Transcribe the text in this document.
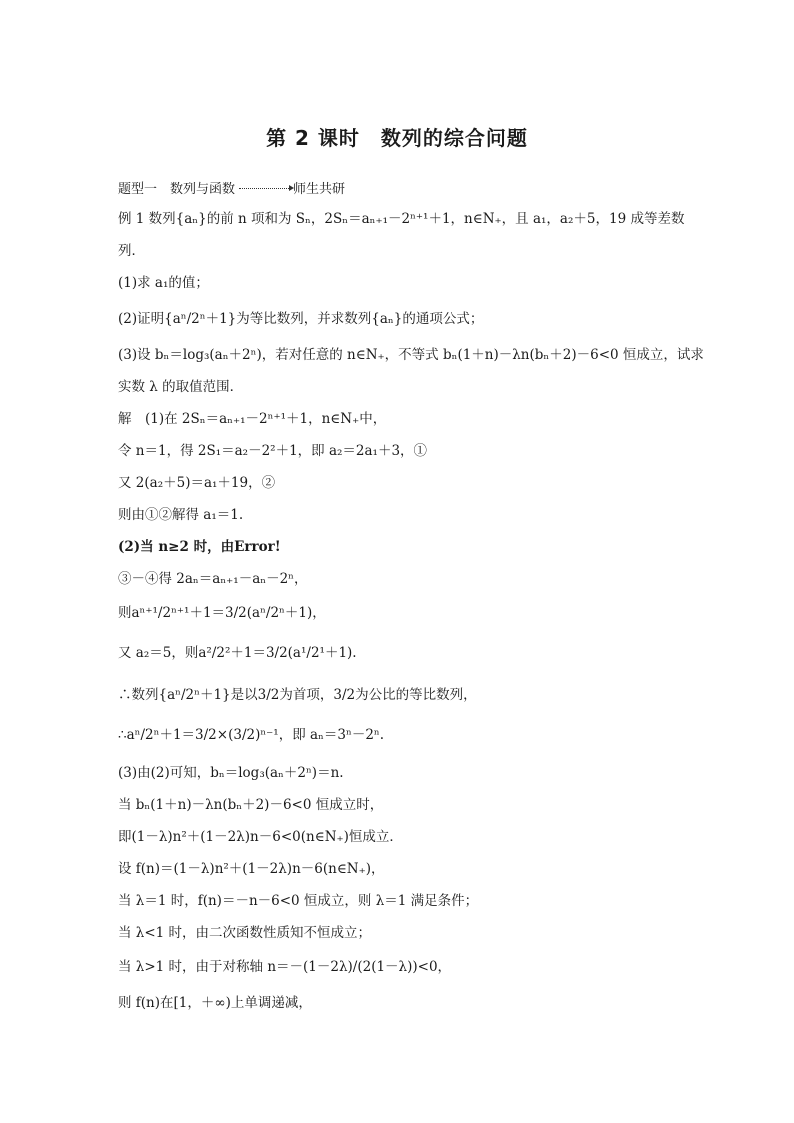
第 2 课时　数列的综合问题
题型一　数列与函数	师生共研
例 1 数列{aₙ}的前 n 项和为 Sₙ，2Sₙ＝aₙ₊₁－2ⁿ⁺¹＋1，n∈N₊，且 a₁，a₂＋5，19 成等差数
列．
(1)求 a₁的值；
(2)证明{aⁿ/2ⁿ＋1}为等比数列，并求数列{aₙ}的通项公式；
(3)设 bₙ＝log₃(aₙ＋2ⁿ)，若对任意的 n∈N₊，不等式 bₙ(1＋n)－λn(bₙ＋2)－6<0 恒成立，试求
实数 λ 的取值范围．
解　(1)在 2Sₙ＝aₙ₊₁－2ⁿ⁺¹＋1，n∈N₊中，
令 n＝1，得 2S₁＝a₂－2²＋1，即 a₂＝2a₁＋3，①
又 2(a₂＋5)＝a₁＋19，②
则由①②解得 a₁＝1.
(2)当 n≥2 时，由Error!
③－④得 2aₙ＝aₙ₊₁－aₙ－2ⁿ，
则aⁿ⁺¹/2ⁿ⁺¹＋1＝3/2(aⁿ/2ⁿ＋1)，
又 a₂＝5，则a²/2²＋1＝3/2(a¹/2¹＋1).
∴数列{aⁿ/2ⁿ＋1}是以3/2为首项，3/2为公比的等比数列，
∴aⁿ/2ⁿ＋1＝3/2×(3/2)ⁿ⁻¹，即 aₙ＝3ⁿ－2ⁿ.
(3)由(2)可知，bₙ＝log₃(aₙ＋2ⁿ)＝n.
当 bₙ(1＋n)－λn(bₙ＋2)－6<0 恒成立时，
即(1－λ)n²＋(1－2λ)n－6<0(n∈N₊)恒成立．
设 f(n)＝(1－λ)n²＋(1－2λ)n－6(n∈N₊)，
当 λ＝1 时，f(n)＝－n－6<0 恒成立，则 λ＝1 满足条件；
当 λ<1 时，由二次函数性质知不恒成立；
当 λ>1 时，由于对称轴 n＝－(1－2λ)/(2(1－λ))<0，
则 f(n)在[1，＋∞)上单调递减，
